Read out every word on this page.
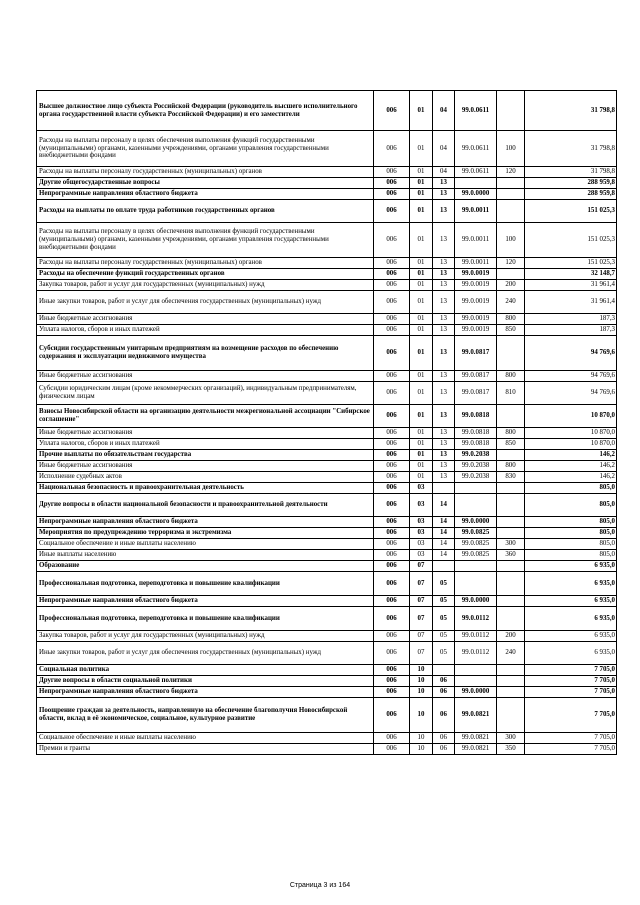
Высшее должностное лицо субъекта Российской Федерации (руководитель высшего исполнительного органа государственной власти субъекта Российской Федерации) и его заместители	006	01	04	99.0.0611		31 798,8
Расходы на выплаты персоналу в целях обеспечения выполнения функций государственными (муниципальными) органами, казенными учреждениями, органами управления государственными внебюджетными фондами	006	01	04	99.0.0611	100	31 798,8
Расходы на выплаты персоналу государственных (муниципальных) органов	006	01	04	99.0.0611	120	31 798,8
Другие общегосударственные вопросы	006	01	13			288 959,8
Непрограммные направления областного бюджета	006	01	13	99.0.0000		288 959,8
Расходы на выплаты по оплате труда работников государственных органов	006	01	13	99.0.0011		151 025,3
Расходы на выплаты персоналу в целях обеспечения выполнения функций государственными (муниципальными) органами, казенными учреждениями, органами управления государственными внебюджетными фондами	006	01	13	99.0.0011	100	151 025,3
Расходы на выплаты персоналу государственных (муниципальных) органов	006	01	13	99.0.0011	120	151 025,3
Расходы на обеспечение функций государственных органов	006	01	13	99.0.0019		32 148,7
Закупка товаров, работ и услуг для государственных (муниципальных) нужд	006	01	13	99.0.0019	200	31 961,4
Иные закупки товаров, работ и услуг для обеспечения государственных (муниципальных) нужд	006	01	13	99.0.0019	240	31 961,4
Иные бюджетные ассигнования	006	01	13	99.0.0019	800	187,3
Уплата налогов, сборов и иных платежей	006	01	13	99.0.0019	850	187,3
Субсидии государственным унитарным предприятиям на возмещение расходов по обеспечению содержания и эксплуатации недвижимого имущества	006	01	13	99.0.0817		94 769,6
Иные бюджетные ассигнования	006	01	13	99.0.0817	800	94 769,6
Субсидии юридическим лицам (кроме некоммерческих организаций), индивидуальным предпринимателям, физическим лицам	006	01	13	99.0.0817	810	94 769,6
Взносы Новосибирской области на организацию деятельности межрегиональной ассоциации "Сибирское соглашение"	006	01	13	99.0.0818		10 870,0
Иные бюджетные ассигнования	006	01	13	99.0.0818	800	10 870,0
Уплата налогов, сборов и иных платежей	006	01	13	99.0.0818	850	10 870,0
Прочие выплаты по обязательствам государства	006	01	13	99.0.2038		146,2
Иные бюджетные ассигнования	006	01	13	99.0.2038	800	146,2
Исполнение судебных актов	006	01	13	99.0.2038	830	146,2
Национальная безопасность и правоохранительная деятельность	006	03				805,0
Другие вопросы в области национальной безопасности и правоохранительной деятельности	006	03	14			805,0
Непрограммные направления областного бюджета	006	03	14	99.0.0000		805,0
Мероприятия по предупреждению терроризма и экстремизма	006	03	14	99.0.0825		805,0
Социальное обеспечение и иные выплаты населению	006	03	14	99.0.0825	300	805,0
Иные выплаты населению	006	03	14	99.0.0825	360	805,0
Образование	006	07				6 935,0
Профессиональная подготовка, переподготовка и повышение квалификации	006	07	05			6 935,0
Непрограммные направления областного бюджета	006	07	05	99.0.0000		6 935,0
Профессиональная подготовка, переподготовка и повышение квалификации	006	07	05	99.0.0112		6 935,0
Закупка товаров, работ и услуг для государственных (муниципальных) нужд	006	07	05	99.0.0112	200	6 935,0
Иные закупки товаров, работ и услуг для обеспечения государственных (муниципальных) нужд	006	07	05	99.0.0112	240	6 935,0
Социальная политика	006	10				7 705,0
Другие вопросы в области социальной политики	006	10	06			7 705,0
Непрограммные направления областного бюджета	006	10	06	99.0.0000		7 705,0
Поощрение граждан за деятельность, направленную на обеспечение благополучия Новосибирской области, вклад в её экономическое, социальное, культурное развитие	006	10	06	99.0.0821		7 705,0
Социальное обеспечение и иные выплаты населению	006	10	06	99.0.0821	300	7 705,0
Премии и гранты	006	10	06	99.0.0821	350	7 705,0
Страница 3 из 164
